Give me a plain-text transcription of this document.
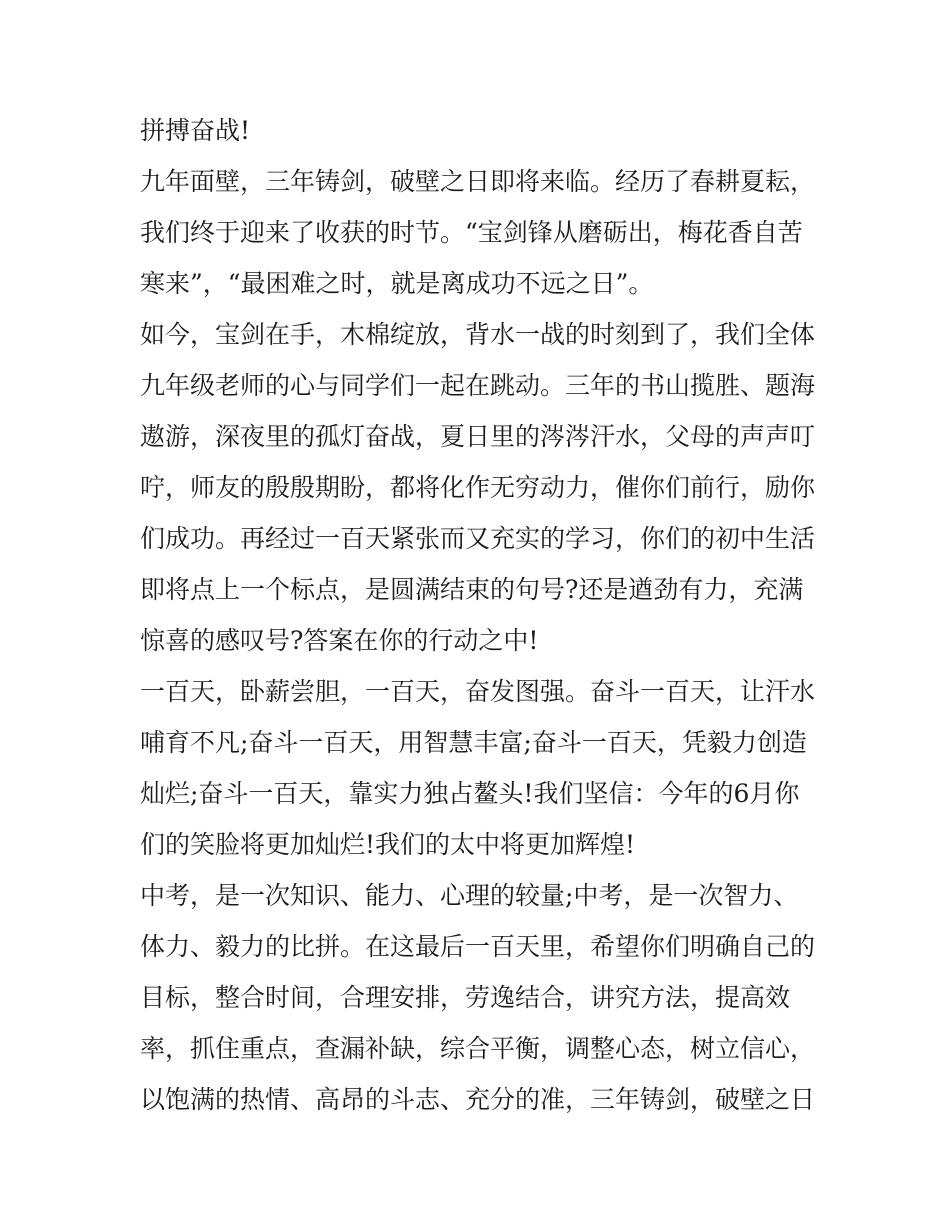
拼搏奋战!
九年面壁，三年铸剑，破壁之日即将来临。经历了春耕夏耘，
我们终于迎来了收获的时节。“宝剑锋从磨砺出，梅花香自苦
寒来”，“最困难之时，就是离成功不远之日”。
如今，宝剑在手，木棉绽放，背水一战的时刻到了，我们全体
九年级老师的心与同学们一起在跳动。三年的书山揽胜、题海
遨游，深夜里的孤灯奋战，夏日里的涔涔汗水，父母的声声叮
咛，师友的殷殷期盼，都将化作无穷动力，催你们前行，励你
们成功。再经过一百天紧张而又充实的学习，你们的初中生活
即将点上一个标点，是圆满结束的句号?还是遒劲有力，充满
惊喜的感叹号?答案在你的行动之中!
一百天，卧薪尝胆，一百天，奋发图强。奋斗一百天，让汗水
哺育不凡;奋斗一百天，用智慧丰富;奋斗一百天，凭毅力创造
灿烂;奋斗一百天，靠实力独占鳌头!我们坚信：今年的6月你
们的笑脸将更加灿烂!我们的太中将更加辉煌!
中考，是一次知识、能力、心理的较量;中考，是一次智力、
体力、毅力的比拼。在这最后一百天里，希望你们明确自己的
目标，整合时间，合理安排，劳逸结合，讲究方法，提高效
率，抓住重点，查漏补缺，综合平衡，调整心态，树立信心，
以饱满的热情、高昂的斗志、充分的准，三年铸剑，破壁之日
